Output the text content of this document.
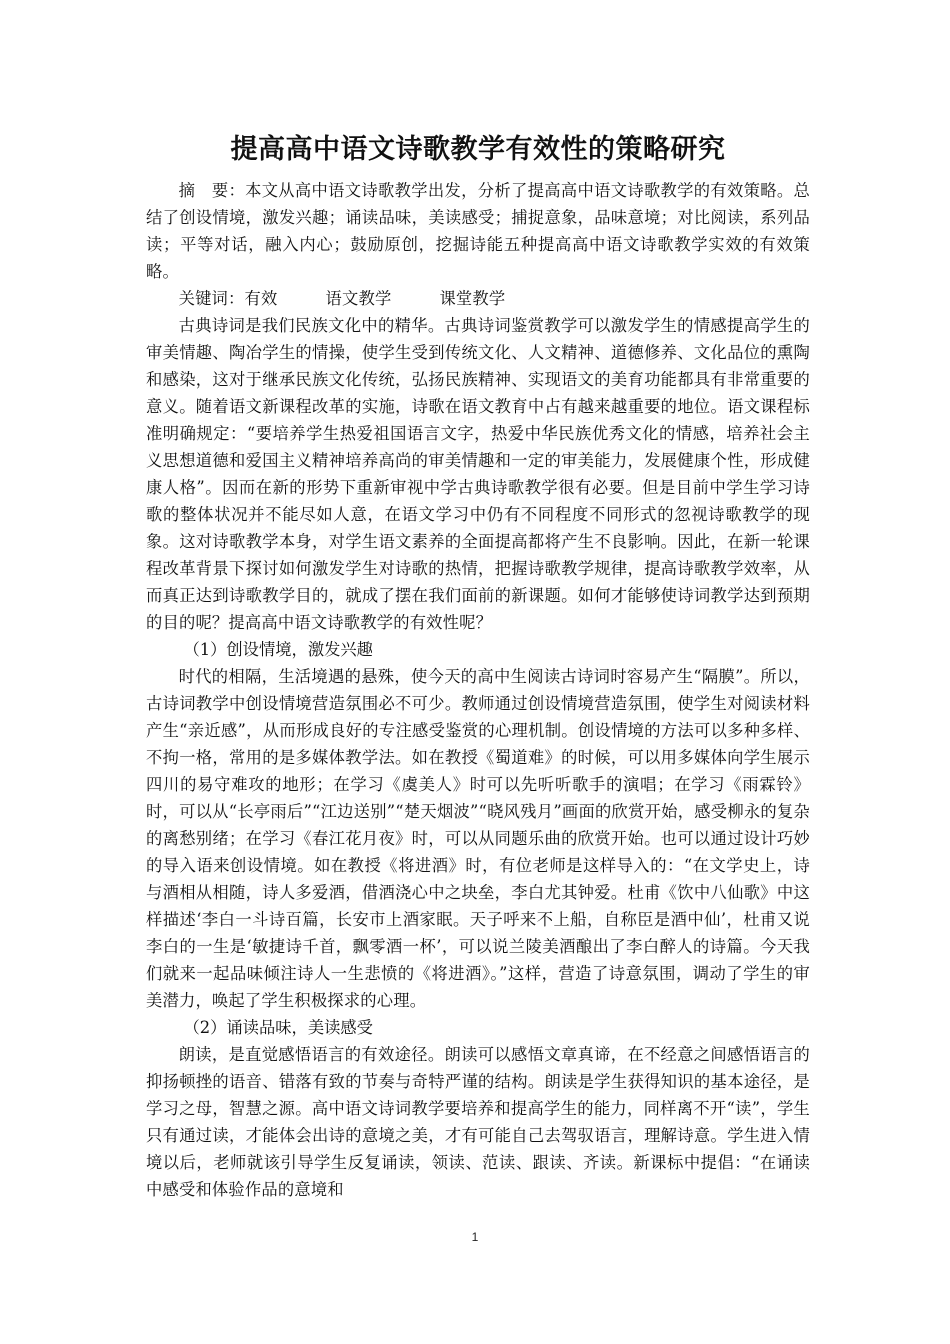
提高高中语文诗歌教学有效性的策略研究

摘　要：本文从高中语文诗歌教学出发，分析了提高高中语文诗歌教学的有效策略。总结了创设情境，激发兴趣；诵读品味，美读感受；捕捉意象，品味意境；对比阅读，系列品读；平等对话，融入内心；鼓励原创，挖掘诗能五种提高高中语文诗歌教学实效的有效策略。

关键词：有效	语文教学	课堂教学

古典诗词是我们民族文化中的精华。古典诗词鉴赏教学可以激发学生的情感提高学生的审美情趣、陶冶学生的情操，使学生受到传统文化、人文精神、道德修养、文化品位的熏陶和感染，这对于继承民族文化传统，弘扬民族精神、实现语文的美育功能都具有非常重要的意义。随着语文新课程改革的实施，诗歌在语文教育中占有越来越重要的地位。语文课程标准明确规定：“要培养学生热爱祖国语言文字，热爱中华民族优秀文化的情感，培养社会主义思想道德和爱国主义精神培养高尚的审美情趣和一定的审美能力，发展健康个性，形成健康人格”。因而在新的形势下重新审视中学古典诗歌教学很有必要。但是目前中学生学习诗歌的整体状况并不能尽如人意，在语文学习中仍有不同程度不同形式的忽视诗歌教学的现象。这对诗歌教学本身，对学生语文素养的全面提高都将产生不良影响。因此，在新一轮课程改革背景下探讨如何激发学生对诗歌的热情，把握诗歌教学规律，提高诗歌教学效率，从而真正达到诗歌教学目的，就成了摆在我们面前的新课题。如何才能够使诗词教学达到预期的目的呢？提高高中语文诗歌教学的有效性呢？

（1）创设情境，激发兴趣

时代的相隔，生活境遇的悬殊，使今天的高中生阅读古诗词时容易产生“隔膜”。所以，古诗词教学中创设情境营造氛围必不可少。教师通过创设情境营造氛围，使学生对阅读材料产生“亲近感”，从而形成良好的专注感受鉴赏的心理机制。创设情境的方法可以多种多样、不拘一格，常用的是多媒体教学法。如在教授《蜀道难》的时候，可以用多媒体向学生展示四川的易守难攻的地形；在学习《虞美人》时可以先听听歌手的演唱；在学习《雨霖铃》时，可以从“长亭雨后”“江边送别”“楚天烟波”“晓风残月”画面的欣赏开始，感受柳永的复杂的离愁别绪；在学习《春江花月夜》时，可以从同题乐曲的欣赏开始。也可以通过设计巧妙的导入语来创设情境。如在教授《将进酒》时，有位老师是这样导入的：“在文学史上，诗与酒相从相随，诗人多爱酒，借酒浇心中之块垒，李白尤其钟爱。杜甫《饮中八仙歌》中这样描述‘李白一斗诗百篇，长安市上酒家眠。天子呼来不上船，自称臣是酒中仙’，杜甫又说李白的一生是‘敏捷诗千首，飘零酒一杯’，可以说兰陵美酒酿出了李白醉人的诗篇。今天我们就来一起品味倾注诗人一生悲愤的《将进酒》。”这样，营造了诗意氛围，调动了学生的审美潜力，唤起了学生积极探求的心理。

（2）诵读品味，美读感受

朗读，是直觉感悟语言的有效途径。朗读可以感悟文章真谛，在不经意之间感悟语言的抑扬顿挫的语音、错落有致的节奏与奇特严谨的结构。朗读是学生获得知识的基本途径，是学习之母，智慧之源。高中语文诗词教学要培养和提高学生的能力，同样离不开“读”，学生只有通过读，才能体会出诗的意境之美，才有可能自己去驾驭语言，理解诗意。学生进入情境以后，老师就该引导学生反复诵读，领读、范读、跟读、齐读。新课标中提倡：“在诵读中感受和体验作品的意境和

1
